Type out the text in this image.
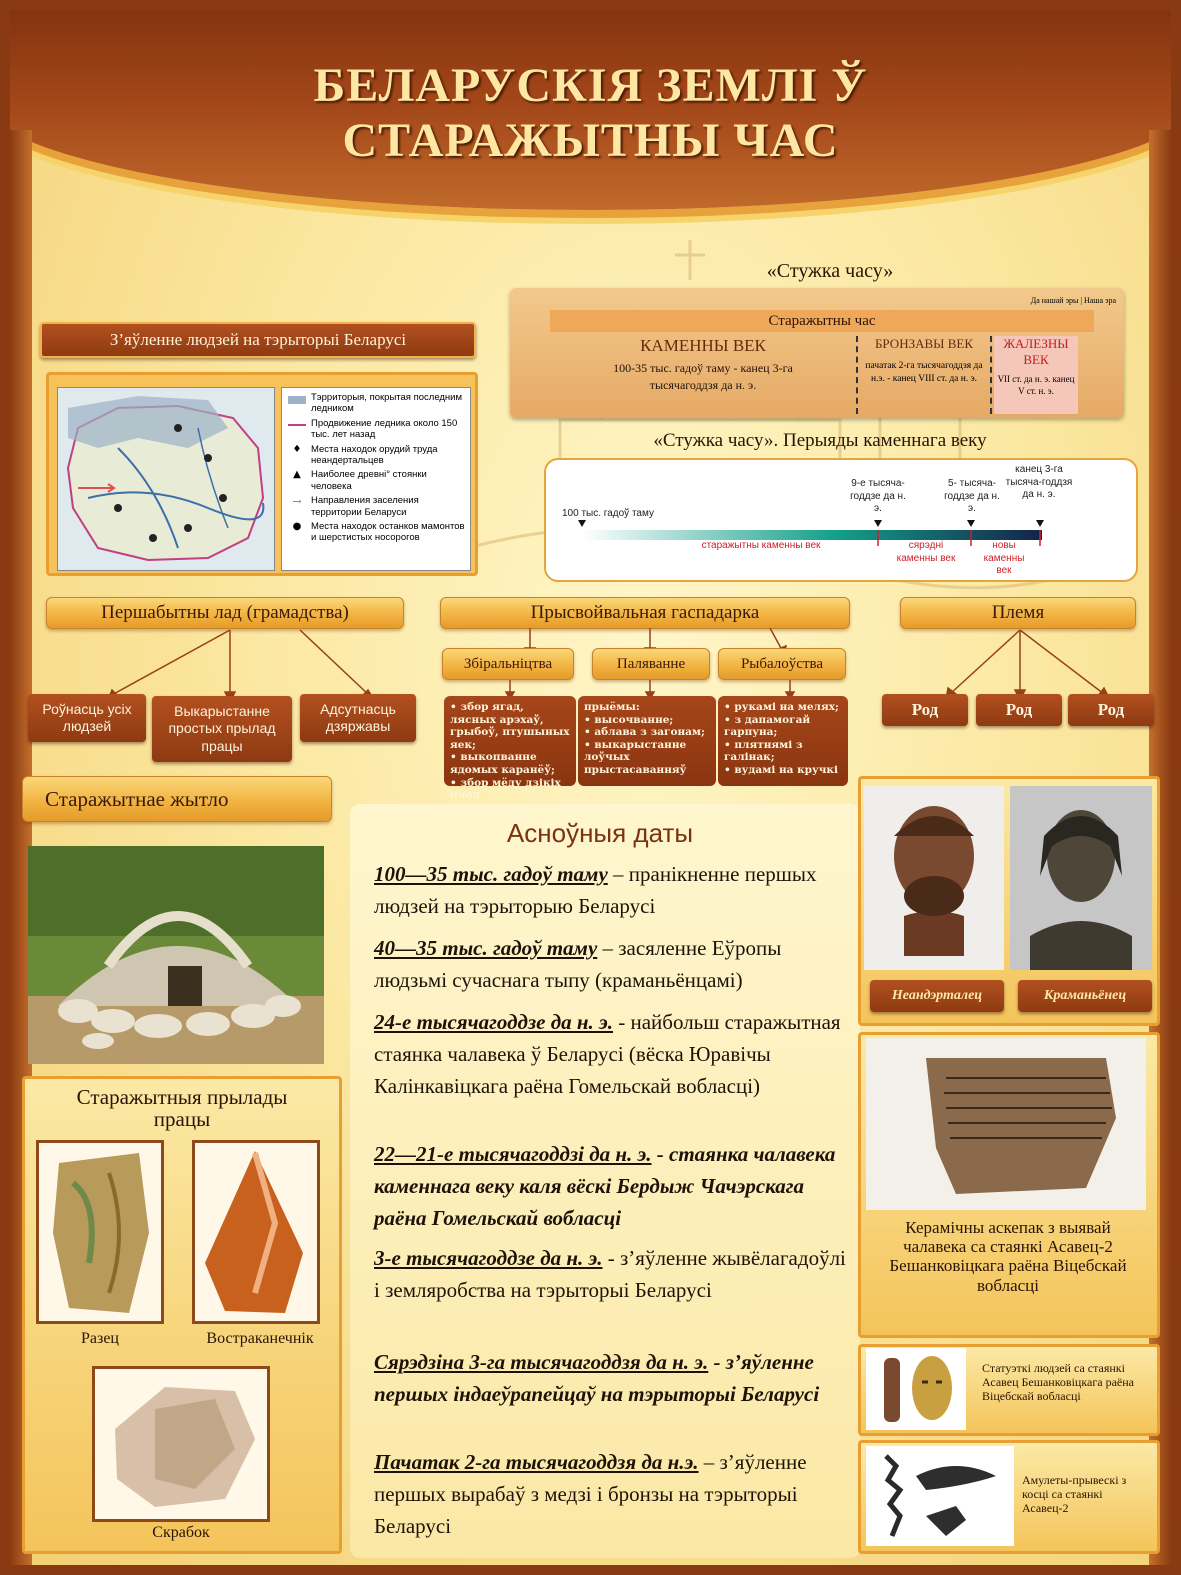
БЕЛАРУСКІЯ ЗЕМЛІ Ў
СТАРАЖЫТНЫ ЧАС
З’яўленне людзей на тэрыторыі Беларусі
Тэрриторыя, покрытая последним ледником
Продвижение ледника около 150 тыс. лет назад
♦	Места находок орудий труда неандертальцев
▲	Наиболее древні° стоянки человека
→ Направления заселения территории Беларуси
●	Места находок останков мамонтов и шерстистых носорогов
«Стужка часу»
Да нашай эры | Наша эра
Старажытны час
КАМЕННЫ ВЕК
100-35 тыс. гадоў таму - канец 3-га тысячагоддзя да н. э.
БРОНЗАВЫ ВЕК
пачатак 2-га тысячагоддзя да н.э. - канец VIII ст. да н. э.
ЖАЛЕЗНЫ ВЕК
VII ст. да н. э. канец V ст. н. э.
«Стужка часу». Перыяды каменнага веку
100 тыс. гадоў таму
9-е тысяча-годдзе да н. э.
5- тысяча-годдзе да н. э.
канец 3-га тысяча-годдзя да н. э.
старажытны каменны век	сярэдні каменны век
новы каменны век
Першабытны лад (грамадства)
Роўнасць усіх людзей
Выкарыстанне простых прылад працы
Адсутнасць дзяржавы
Прысвойвальная гаспадарка
Збіральніцтва	Паляванне	Рыбалоўства
• збор ягад, лясных арэхаў, грыбоў, птушыных яек;
• выкопванне ядомых каранёў;
• збор мёду дзікіх пчол
прыёмы:
• высочванне;
• аблава з загонам;
• выкарыстанне лоўчых прыстасаванняў
• рукамі на мелях;
• з дапамогай гарпуна;
• плятнямі з галінак;
• вудамі на кручкі
Племя
Род	Род	Род
Старажытнае жытло
Старажытныя прылады працы
Разец	Востраканечнік
Скрабок
Асноўныя даты
100—35 тыс. гадоў таму – пранікненне першых людзей на тэрыторыю Беларусі
40—35 тыс. гадоў таму – засяленне Еўропы людзьмі сучаснага тыпу (краманьёнцамі)
24-е тысячагоддзе да н. э. - найбольш старажытная стаянка чалавека ў Беларусі (вёска Юравічы Калінкавіцкага раёна Гомельскай вобласці)
22—21-е тысячагоддзі да н. э. - стаянка чалавека каменнага веку каля вёскі Бердыж Чачэрскага раёна Гомельскай вобласці
3-е тысячагоддзе да н. э. - з’яўленне жывёлагадоўлі і земляробства на тэрыторыі Беларусі
Сярэдзіна 3-га тысячагоддзя да н. э. - з’яўленне першых індаеўрапейцаў на тэрыторыі Беларусі
Пачатак 2-га тысячагоддзя да н.э. – з’яўленне першых вырабаў з медзі і бронзы на тэрыторыі Беларусі
Неандэрталец	Краманьёнец
Керамічны аскепак з выявай чалавека са стаянкі Асавец-2 Бешанковіцкага раёна Віцебскай вобласці
Статуэткі людзей са стаянкі Асавец Бешанковіцкага раёна Віцебскай вобласці
Амулеты-прывескі з косці са стаянкі Асавец-2
